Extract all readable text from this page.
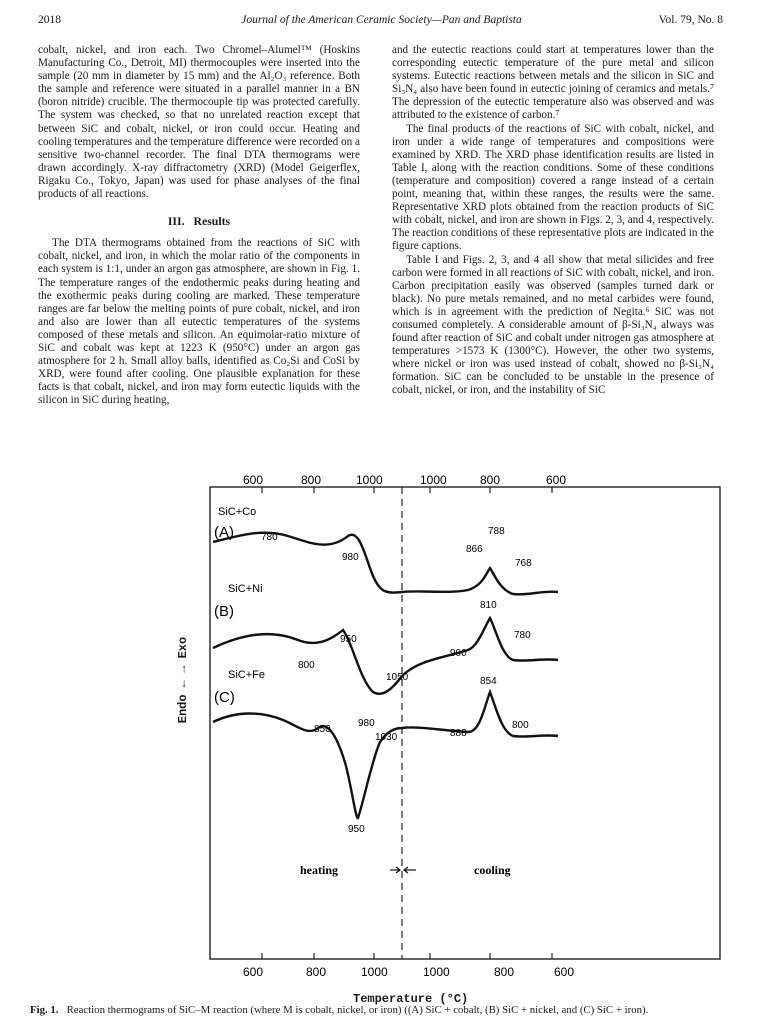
2018	Journal of the American Ceramic Society—Pan and Baptista	Vol. 79, No. 8

cobalt, nickel, and iron each. Two Chromel–Alumel™ (Hoskins Manufacturing Co., Detroit, MI) thermocouples were inserted into the sample (20 mm in diameter by 15 mm) and the Al₂O₃ reference. Both the sample and reference were situated in a parallel manner in a BN (boron nitride) crucible. The thermocouple tip was protected carefully. The system was checked, so that no unrelated reaction except that between SiC and cobalt, nickel, or iron could occur. Heating and cooling temperatures and the temperature difference were recorded on a sensitive two-channel recorder. The final DTA thermograms were drawn accordingly. X-ray diffractometry (XRD) (Model Geigerflex, Rigaku Co., Tokyo, Japan) was used for phase analyses of the final products of all reactions.

III. Results

The DTA thermograms obtained from the reactions of SiC with cobalt, nickel, and iron, in which the molar ratio of the components in each system is 1:1, under an argon gas atmosphere, are shown in Fig. 1. The temperature ranges of the endothermic peaks during heating and the exothermic peaks during cooling are marked. These temperature ranges are far below the melting points of pure cobalt, nickel, and iron and also are lower than all eutectic temperatures of the systems composed of these metals and silicon. An equimolar-ratio mixture of SiC and cobalt was kept at 1223 K (950°C) under an argon gas atmosphere for 2 h. Small alloy balls, identified as Co₂Si and CoSi by XRD, were found after cooling. One plausible explanation for these facts is that cobalt, nickel, and iron may form eutectic liquids with the silicon in SiC during heating,

and the eutectic reactions could start at temperatures lower than the corresponding eutectic temperature of the pure metal and silicon systems. Eutectic reactions between metals and the silicon in SiC and Si₃N₄ also have been found in eutectic joining of ceramics and metals.⁷ The depression of the eutectic temperature also was observed and was attributed to the existence of carbon.⁷

The final products of the reactions of SiC with cobalt, nickel, and iron under a wide range of temperatures and compositions were examined by XRD. The XRD phase identification results are listed in Table I, along with the reaction conditions. Some of these conditions (temperature and composition) covered a range instead of a certain point, meaning that, within these ranges, the results were the same. Representative XRD plots obtained from the reaction products of SiC with cobalt, nickel, and iron are shown in Figs. 2, 3, and 4, respectively. The reaction conditions of these representative plots are indicated in the figure captions.

Table I and Figs. 2, 3, and 4 all show that metal silicides and free carbon were formed in all reactions of SiC with cobalt, nickel, and iron. Carbon precipitation easily was observed (samples turned dark or black). No pure metals remained, and no metal carbides were found, which is in agreement with the prediction of Negita.⁶ SiC was not consumed completely. A considerable amount of β-Si₃N₄ always was found after reaction of SiC and cobalt under nitrogen gas atmosphere at temperatures >1573 K (1300°C). However, the other two systems, where nickel or iron was used instead of cobalt, showed no β-Si₃N₄ formation. SiC can be concluded to be unstable in the presence of cobalt, nickel, or iron, and the instability of SiC

600	800	1000	1000	800	600
600	800	1000	1000	800	600
SiC+Co
(A)	780
980
866
788
768
SiC+Ni
(B)
800
950
1050
900
810
780
SiC+Fe
(C)
850
980
1030
950
888
854
800
heating	cooling
Endo ← → Exo
Temperature (°C)
Fig. 1. Reaction thermograms of SiC–M reaction (where M is cobalt, nickel, or iron) ((A) SiC + cobalt, (B) SiC + nickel, and (C) SiC + iron).
